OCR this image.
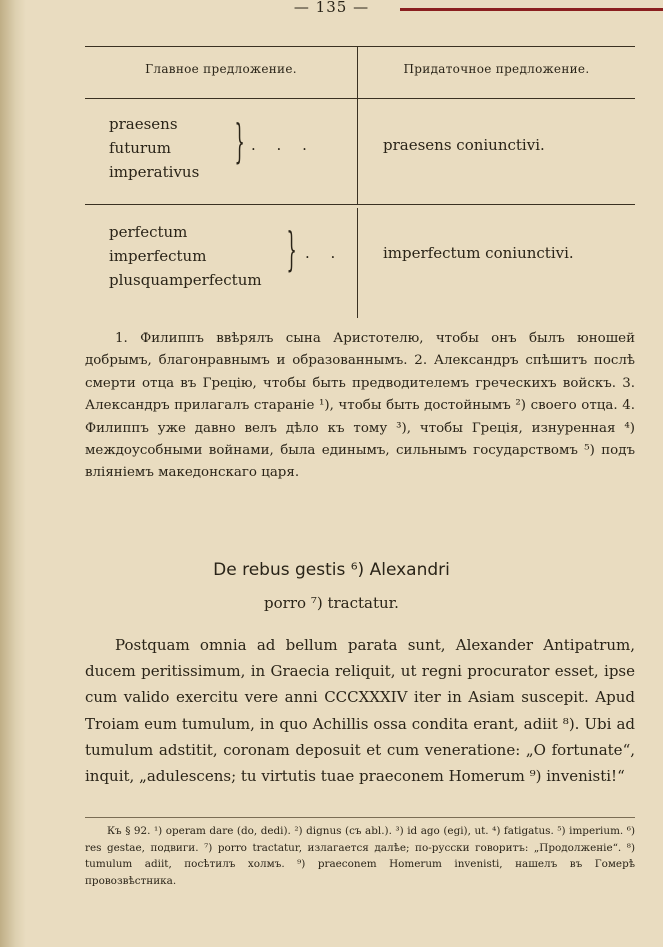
— 135 —
Главное предложение.	Придаточное предложение.
praesens
futurum
imperativus
} . . .	praesens coniunctivi.
perfectum
imperfectum
plusquamperfectum
} . .	imperfectum coniunctivi.

1. Филиппъ ввѣрялъ сына Аристотелю, чтобы онъ былъ юношей добрымъ, благонравнымъ и образованнымъ. 2. Александръ спѣшитъ послѣ смерти отца въ Грецію, чтобы быть предводителемъ греческихъ войскъ. 3. Александръ прилагалъ стараніе ¹), чтобы быть достойнымъ ²) своего отца. 4. Филиппъ уже давно велъ дѣло къ тому ³), чтобы Греція, изнуренная ⁴) междоусобными войнами, была единымъ, сильнымъ государствомъ ⁵) подъ вліяніемъ македонскаго царя.

De rebus gestis ⁶) Alexandri
porro ⁷) tractatur.

Postquam omnia ad bellum parata sunt, Alexander Antipatrum, ducem peritissimum, in Graecia reliquit, ut regni procurator esset, ipse cum valido exercitu vere anni CCCXXXIV iter in Asiam suscepit. Apud Troiam eum tumulum, in quo Achillis ossa condita erant, adiit ⁸). Ubi ad tumulum adstitit, coronam deposuit et cum veneratione: „O fortunate“, inquit, „adulescens; tu virtutis tuae praeconem Homerum ⁹) invenisti!“

Къ § 92. ¹) operam dare (do, dedi). ²) dignus (съ abl.). ³) id ago (egi), ut. ⁴) fatigatus. ⁵) imperium. ⁶) res gestae, подвиги. ⁷) porro tractatur, излагается далѣе; по-русски говоритъ: „Продолженіе“. ⁸) tumulum adiit, посѣтилъ холмъ. ⁹) praeconem Homerum invenisti, нашелъ въ Гомерѣ провозвѣстника.
